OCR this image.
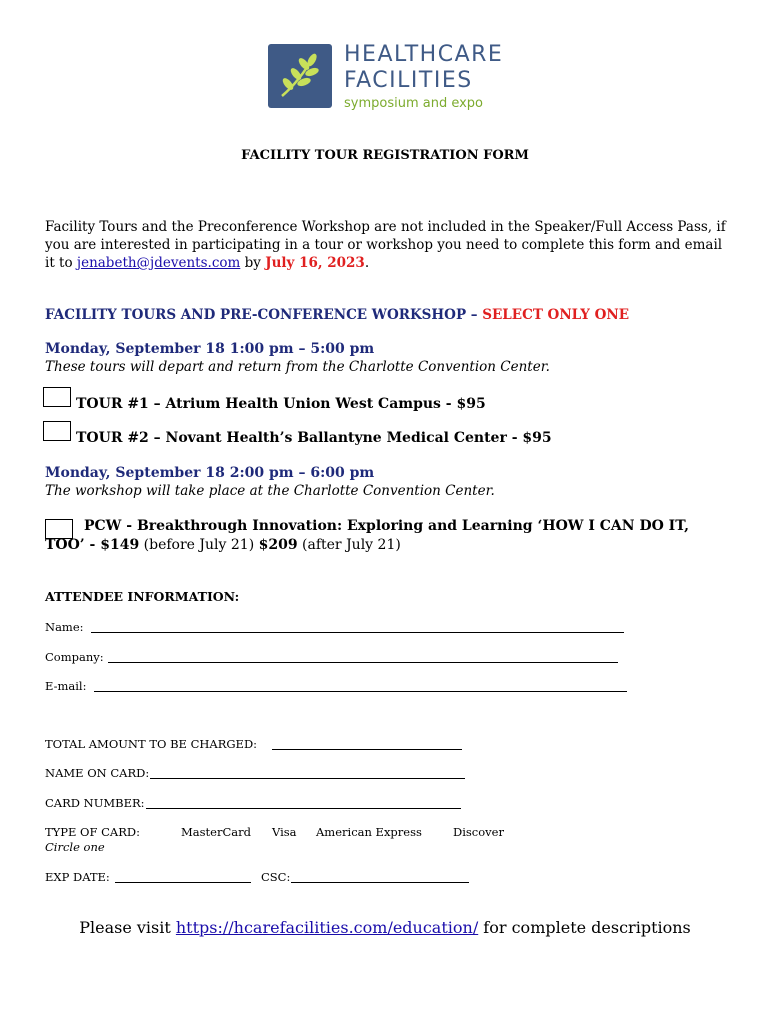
HEALTHCARE
FACILITIES
symposium and expo
FACILITY TOUR REGISTRATION FORM
Facility Tours and the Preconference Workshop are not included in the Speaker/Full Access Pass, if you are interested in participating in a tour or workshop you need to complete this form and email it to jenabeth@jdevents.com by July 16, 2023.
FACILITY TOURS AND PRE-CONFERENCE WORKSHOP – SELECT ONLY ONE
Monday, September 18 1:00 pm – 5:00 pm
These tours will depart and return from the Charlotte Convention Center.
TOUR #1 – Atrium Health Union West Campus - $95
TOUR #2 – Novant Health’s Ballantyne Medical Center - $95
Monday, September 18 2:00 pm – 6:00 pm
The workshop will take place at the Charlotte Convention Center.
PCW - Breakthrough Innovation: Exploring and Learning ‘HOW I CAN DO IT,
TOO’ - $149 (before July 21) $209 (after July 21)
ATTENDEE INFORMATION:
Name:
Company:
E-mail:
TOTAL AMOUNT TO BE CHARGED:
NAME ON CARD:
CARD NUMBER:
TYPE OF CARD:
Circle one
MasterCard Visa American Express	Discover
EXP DATE:	CSC:
Please visit https://hcarefacilities.com/education/ for complete descriptions
